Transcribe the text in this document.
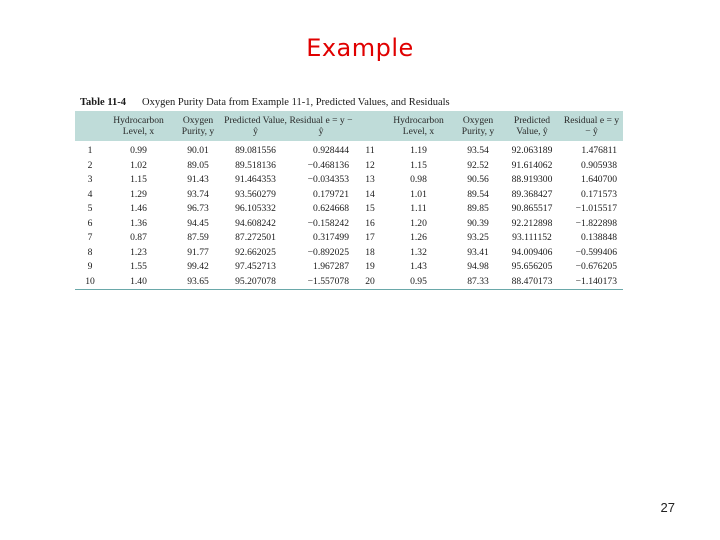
Example
Table 11-4 Oxygen Purity Data from Example 11-1, Predicted Values, and Residuals
	Hydrocarbon Level, x	Oxygen Purity, y	Predicted Value, ŷ	Residual e = y − ŷ		Hydrocarbon Level, x	Oxygen Purity, y	Predicted Value, ŷ	Residual e = y − ŷ
1	0.99	90.01	89.081556	0.928444	11	1.19	93.54	92.063189	1.476811
2	1.02	89.05	89.518136	−0.468136	12	1.15	92.52	91.614062	0.905938
3	1.15	91.43	91.464353	−0.034353	13	0.98	90.56	88.919300	1.640700
4	1.29	93.74	93.560279	0.179721	14	1.01	89.54	89.368427	0.171573
5	1.46	96.73	96.105332	0.624668	15	1.11	89.85	90.865517	−1.015517
6	1.36	94.45	94.608242	−0.158242	16	1.20	90.39	92.212898	−1.822898
7	0.87	87.59	87.272501	0.317499	17	1.26	93.25	93.111152	0.138848
8	1.23	91.77	92.662025	−0.892025	18	1.32	93.41	94.009406	−0.599406
9	1.55	99.42	97.452713	1.967287	19	1.43	94.98	95.656205	−0.676205
10	1.40	93.65	95.207078	−1.557078	20	0.95	87.33	88.470173	−1.140173
27
